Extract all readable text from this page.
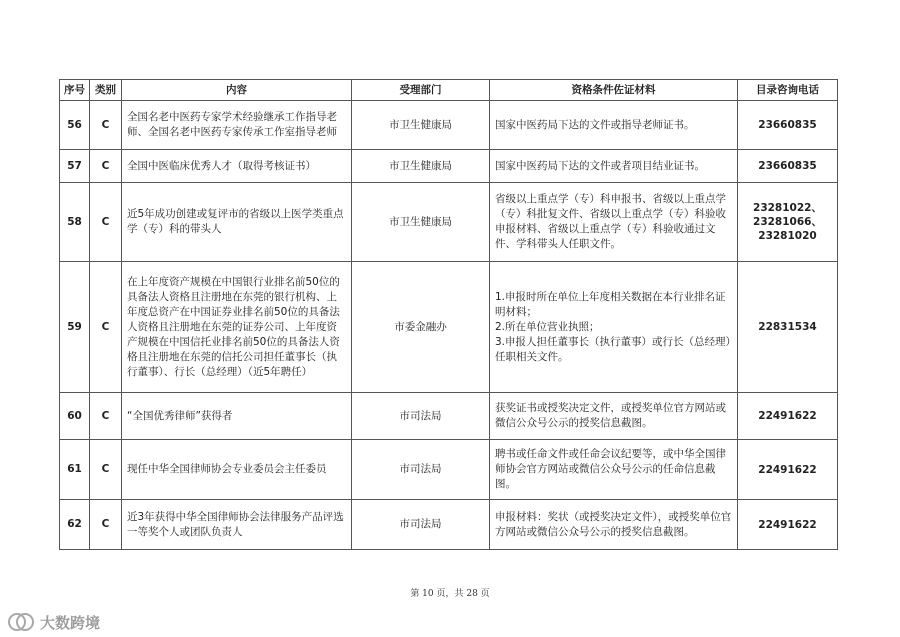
序号	类别	内容	受理部门	资格条件佐证材料	目录咨询电话
56	C	全国名老中医药专家学术经验继承工作指导老师、全国名老中医药专家传承工作室指导老师	市卫生健康局	国家中医药局下达的文件或指导老师证书。	23660835
57	C	全国中医临床优秀人才（取得考核证书）	市卫生健康局	国家中医药局下达的文件或者项目结业证书。	23660835
58	C	近5年成功创建或复评市的省级以上医学类重点学（专）科的带头人	市卫生健康局	省级以上重点学（专）科申报书、省级以上重点学（专）科批复文件、省级以上重点学（专）科验收申报材料、省级以上重点学（专）科验收通过文件、学科带头人任职文件。	23281022、23281066、23281020
59	C	在上年度资产规模在中国银行业排名前50位的具备法人资格且注册地在东莞的银行机构、上年度总资产在中国证券业排名前50位的具备法人资格且注册地在东莞的证券公司、上年度资产规模在中国信托业排名前50位的具备法人资格且注册地在东莞的信托公司担任董事长（执行董事）、行长（总经理）（近5年聘任）	市委金融办	1.申报时所在单位上年度相关数据在本行业排名证明材料；
2.所在单位营业执照；
3.申报人担任董事长（执行董事）或行长（总经理）任职相关文件。	22831534
60	C	“全国优秀律师”获得者	市司法局	获奖证书或授奖决定文件，或授奖单位官方网站或微信公众号公示的授奖信息截图。	22491622
61	C	现任中华全国律师协会专业委员会主任委员	市司法局	聘书或任命文件或任命会议纪要等，或中华全国律师协会官方网站或微信公众号公示的任命信息截图。	22491622
62	C	近3年获得中华全国律师协会法律服务产品评选一等奖个人或团队负责人	市司法局	申报材料：奖状（或授奖决定文件），或授奖单位官方网站或微信公众号公示的授奖信息截图。	22491622
第 10 页，共 28 页
大数跨境
